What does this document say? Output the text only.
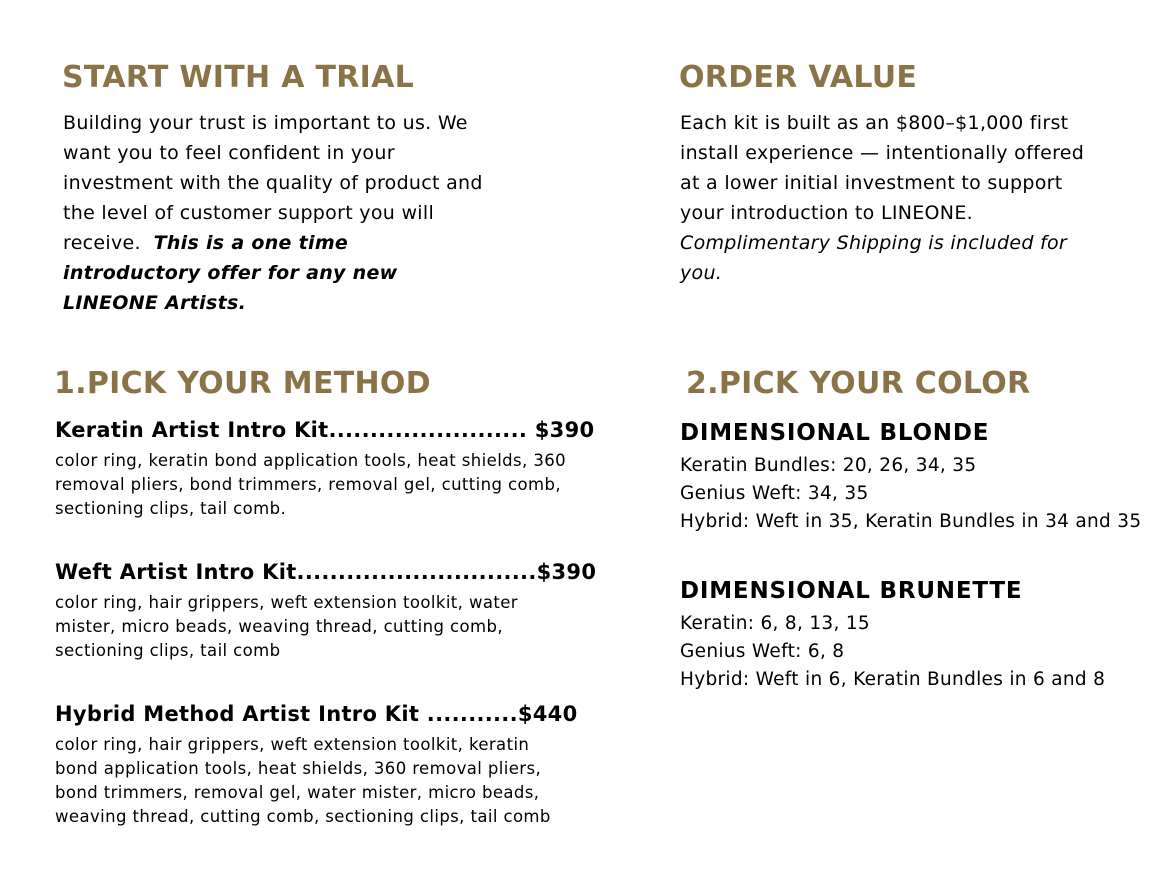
START WITH A TRIAL

Building your trust is important to us. We want you to feel confident in your investment with the quality of product and the level of customer support you will receive. This is a one time introductory offer for any new LINEONE Artists.

ORDER VALUE

Each kit is built as an $800–$1,000 first install experience — intentionally offered at a lower initial investment to support your introduction to LINEONE. Complimentary Shipping is included for you.

1.PICK YOUR METHOD

Keratin Artist Intro Kit........................ $390

color ring, keratin bond application tools, heat shields, 360 removal pliers, bond trimmers, removal gel, cutting comb, sectioning clips, tail comb.

Weft Artist Intro Kit.............................$390

color ring, hair grippers, weft extension toolkit, water mister, micro beads, weaving thread, cutting comb, sectioning clips, tail comb

Hybrid Method Artist Intro Kit ...........$440

color ring, hair grippers, weft extension toolkit, keratin bond application tools, heat shields, 360 removal pliers, bond trimmers, removal gel, water mister, micro beads, weaving thread, cutting comb, sectioning clips, tail comb

2.PICK YOUR COLOR

DIMENSIONAL BLONDE

Keratin Bundles: 20, 26, 34, 35
Genius Weft: 34, 35
Hybrid: Weft in 35, Keratin Bundles in 34 and 35

DIMENSIONAL BRUNETTE

Keratin: 6, 8, 13, 15
Genius Weft: 6, 8
Hybrid: Weft in 6, Keratin Bundles in 6 and 8
